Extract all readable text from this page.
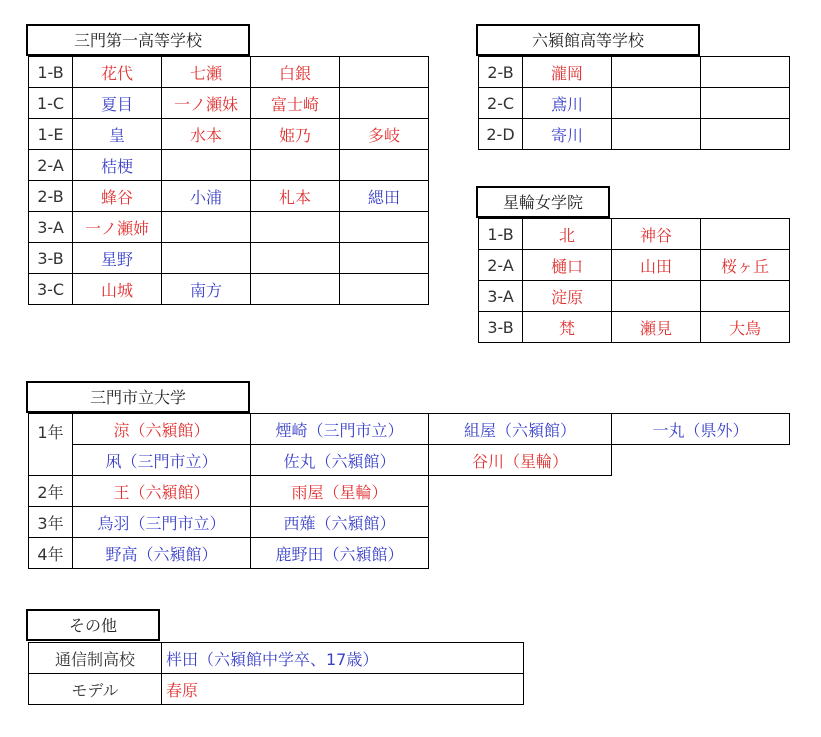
三門第一高等学校
1-B	花代	七瀬	白銀	
1-C	夏目	一ノ瀬妹	富士崎	
1-E	皇	水本	姫乃	多岐
2-A	桔梗			
2-B	蜂谷	小浦	札本	緦田
3-A	一ノ瀬姉			
3-B	星野			
3-C	山城	南方		
六潁館高等学校
2-B	瀧岡		
2-C	鳶川		
2-D	寄川		
星輪女学院
1-B	北	神谷	
2-A	樋口	山田	桜ヶ丘
3-A	淀原		
3-B	梵	瀬見	大鳥
三門市立大学
1年	涼（六潁館）	煙崎（三門市立）	組屋（六潁館）	一丸（県外）
	凩（三門市立）	佐丸（六潁館）	谷川（星輪）	
2年	王（六潁館）	雨屋（星輪）		
3年	烏羽（三門市立）	西薙（六潁館）		
4年	野高（六潁館）	鹿野田（六潁館）		
その他
通信制高校	柈田（六潁館中学卒、17歳）
モデル	春原
